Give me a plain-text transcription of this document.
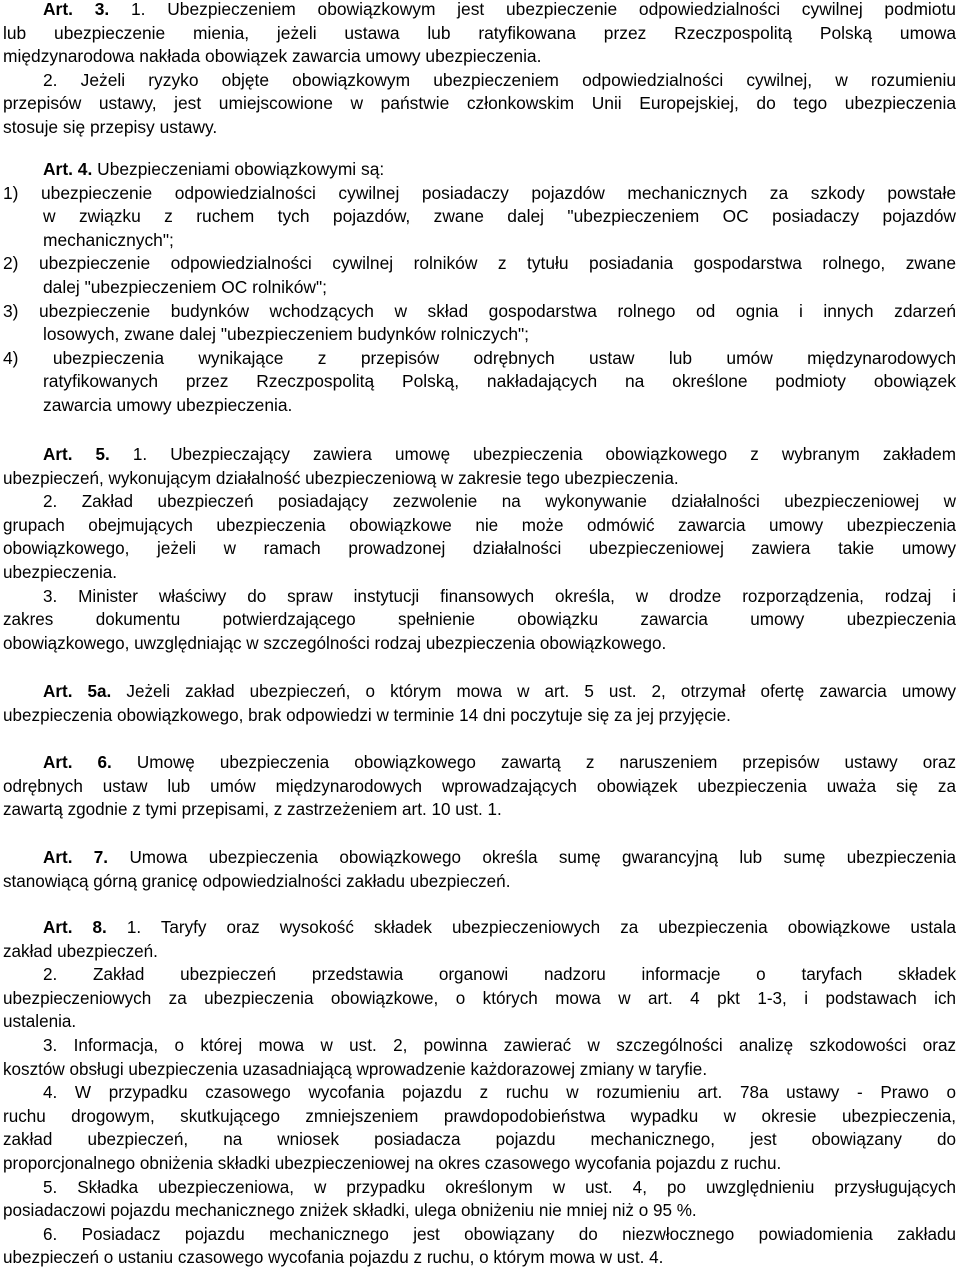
Art. 3. 1. Ubezpieczeniem obowiązkowym jest ubezpieczenie odpowiedzialności cywilnej podmiotu
lub ubezpieczenie mienia, jeżeli ustawa lub ratyfikowana przez Rzeczpospolitą Polską umowa
międzynarodowa nakłada obowiązek zawarcia umowy ubezpieczenia.
2. Jeżeli ryzyko objęte obowiązkowym ubezpieczeniem odpowiedzialności cywilnej, w rozumieniu
przepisów ustawy, jest umiejscowione w państwie członkowskim Unii Europejskiej, do tego ubezpieczenia
stosuje się przepisy ustawy.
Art. 4. Ubezpieczeniami obowiązkowymi są:
1) ubezpieczenie odpowiedzialności cywilnej posiadaczy pojazdów mechanicznych za szkody powstałe
w związku z ruchem tych pojazdów, zwane dalej "ubezpieczeniem OC posiadaczy pojazdów
mechanicznych";
2) ubezpieczenie odpowiedzialności cywilnej rolników z tytułu posiadania gospodarstwa rolnego, zwane
dalej "ubezpieczeniem OC rolników";
3) ubezpieczenie budynków wchodzących w skład gospodarstwa rolnego od ognia i innych zdarzeń
losowych, zwane dalej "ubezpieczeniem budynków rolniczych";
4) ubezpieczenia wynikające z przepisów odrębnych ustaw lub umów międzynarodowych
ratyfikowanych przez Rzeczpospolitą Polską, nakładających na określone podmioty obowiązek
zawarcia umowy ubezpieczenia.
Art. 5. 1. Ubezpieczający zawiera umowę ubezpieczenia obowiązkowego z wybranym zakładem
ubezpieczeń, wykonującym działalność ubezpieczeniową w zakresie tego ubezpieczenia.
2. Zakład ubezpieczeń posiadający zezwolenie na wykonywanie działalności ubezpieczeniowej w
grupach obejmujących ubezpieczenia obowiązkowe nie może odmówić zawarcia umowy ubezpieczenia
obowiązkowego, jeżeli w ramach prowadzonej działalności ubezpieczeniowej zawiera takie umowy
ubezpieczenia.
3. Minister właściwy do spraw instytucji finansowych określa, w drodze rozporządzenia, rodzaj i
zakres dokumentu potwierdzającego spełnienie obowiązku zawarcia umowy ubezpieczenia
obowiązkowego, uwzględniając w szczególności rodzaj ubezpieczenia obowiązkowego.
Art. 5a. Jeżeli zakład ubezpieczeń, o którym mowa w art. 5 ust. 2, otrzymał ofertę zawarcia umowy
ubezpieczenia obowiązkowego, brak odpowiedzi w terminie 14 dni poczytuje się za jej przyjęcie.
Art. 6. Umowę ubezpieczenia obowiązkowego zawartą z naruszeniem przepisów ustawy oraz
odrębnych ustaw lub umów międzynarodowych wprowadzających obowiązek ubezpieczenia uważa się za
zawartą zgodnie z tymi przepisami, z zastrzeżeniem art. 10 ust. 1.
Art. 7. Umowa ubezpieczenia obowiązkowego określa sumę gwarancyjną lub sumę ubezpieczenia
stanowiącą górną granicę odpowiedzialności zakładu ubezpieczeń.
Art. 8. 1. Taryfy oraz wysokość składek ubezpieczeniowych za ubezpieczenia obowiązkowe ustala
zakład ubezpieczeń.
2. Zakład ubezpieczeń przedstawia organowi nadzoru informacje o taryfach składek
ubezpieczeniowych za ubezpieczenia obowiązkowe, o których mowa w art. 4 pkt 1-3, i podstawach ich
ustalenia.
3. Informacja, o której mowa w ust. 2, powinna zawierać w szczególności analizę szkodowości oraz
kosztów obsługi ubezpieczenia uzasadniającą wprowadzenie każdorazowej zmiany w taryfie.
4. W przypadku czasowego wycofania pojazdu z ruchu w rozumieniu art. 78a ustawy - Prawo o
ruchu drogowym, skutkującego zmniejszeniem prawdopodobieństwa wypadku w okresie ubezpieczenia,
zakład ubezpieczeń, na wniosek posiadacza pojazdu mechanicznego, jest obowiązany do
proporcjonalnego obniżenia składki ubezpieczeniowej na okres czasowego wycofania pojazdu z ruchu.
5. Składka ubezpieczeniowa, w przypadku określonym w ust. 4, po uwzględnieniu przysługujących
posiadaczowi pojazdu mechanicznego zniżek składki, ulega obniżeniu nie mniej niż o 95 %.
6. Posiadacz pojazdu mechanicznego jest obowiązany do niezwłocznego powiadomienia zakładu
ubezpieczeń o ustaniu czasowego wycofania pojazdu z ruchu, o którym mowa w ust. 4.
